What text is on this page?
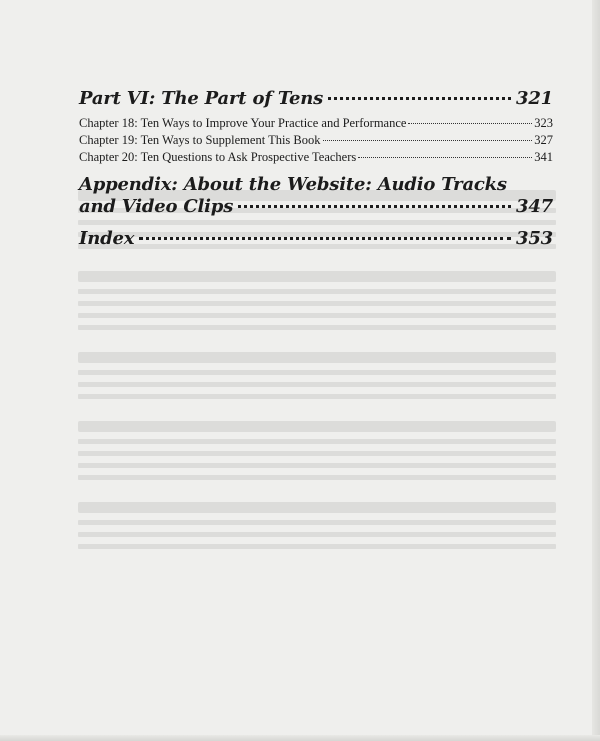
Part VI: The Part of Tens	321
Chapter 18: Ten Ways to Improve Your Practice and Performance	323
Chapter 19: Ten Ways to Supplement This Book	327
Chapter 20: Ten Questions to Ask Prospective Teachers	341
Appendix: About the Website: Audio Tracks
and Video Clips	347
Index	353
